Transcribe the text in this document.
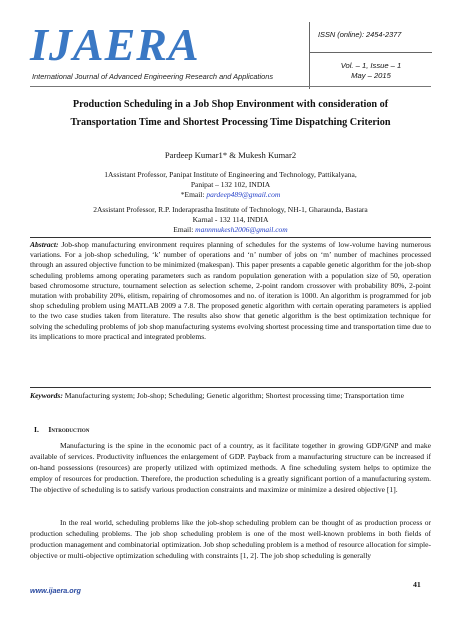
IJAERA
International Journal of Advanced Engineering Research and Applications
ISSN (online): 2454-2377
Vol. – 1, Issue – 1
May – 2015
Production Scheduling in a Job Shop Environment with consideration of
Transportation Time and Shortest Processing Time Dispatching Criterion
Pardeep Kumar1* & Mukesh Kumar2
1Assistant Professor, Panipat Institute of Engineering and Technology, Pattikalyana,
Panipat – 132 102, INDIA
*Email: pardeep489@gmail.com
2Assistant Professor, R.P. Inderaprastha Institute of Technology, NH-1, Gharaunda, Bastara
Karnal - 132 114, INDIA
Email: mannmukesh2006@gmail.com
Abstract: Job-shop manufacturing environment requires planning of schedules for the systems of low-volume having numerous variations. For a job-shop scheduling, ‘k’ number of operations and ‘n’ number of jobs on ‘m’ number of machines processed through an assured objective function to be minimized (makespan). This paper presents a capable genetic algorithm for the job-shop scheduling problems among operating parameters such as random population generation with a population size of 50, operation based chromosome structure, tournament selection as selection scheme, 2-point random crossover with probability 80%, 2-point mutation with probability 20%, elitism, repairing of chromosomes and no. of iteration is 1000. An algorithm is programmed for job shop scheduling problem using MATLAB 2009 a 7.8. The proposed genetic algorithm with certain operating parameters is applied to the two case studies taken from literature. The results also show that genetic algorithm is the best optimization technique for solving the scheduling problems of job shop manufacturing systems evolving shortest processing time and transportation time due to its implications to more practical and integrated problems.
Keywords: Manufacturing system; Job-shop; Scheduling; Genetic algorithm; Shortest processing time; Transportation time
I. Introduction
Manufacturing is the spine in the economic pact of a country, as it facilitate together in growing GDP/GNP and make available of services. Productivity influences the enlargement of GDP. Payback from a manufacturing structure can be increased if on-hand possessions (resources) are properly utilized with optimized methods. A fine scheduling system helps to optimize the employ of resources for production. Therefore, the production scheduling is a greatly significant portion of a manufacturing system. The objective of scheduling is to satisfy various production constraints and maximize or minimize a desired objective [1].
In the real world, scheduling problems like the job-shop scheduling problem can be thought of as production process or production scheduling problems. The job shop scheduling problem is one of the most well-known problems in both fields of production management and combinatorial optimization. Job shop scheduling problem is a method of resource allocation for simple-objective or multi-objective optimization scheduling with constraints [1, 2]. The job shop scheduling is generally
www.ijaera.org
41
